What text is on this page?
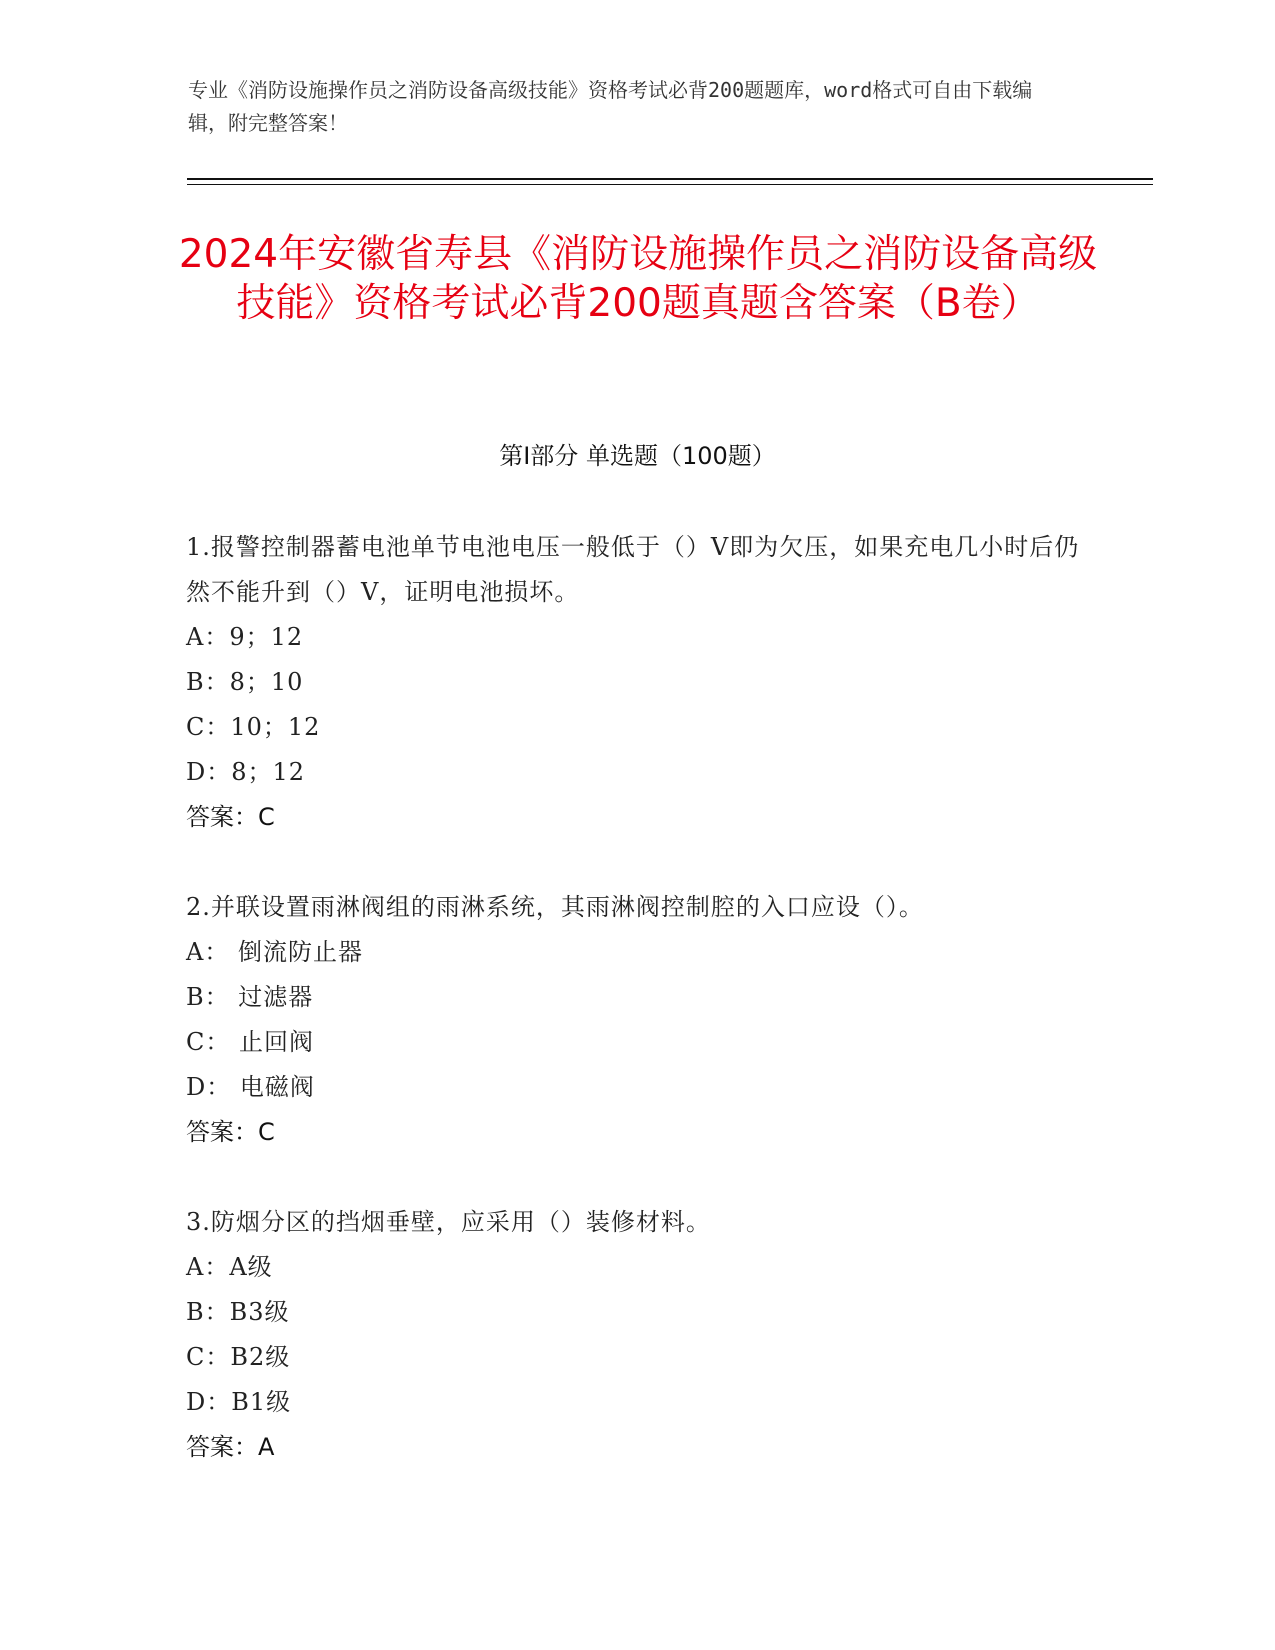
专业《消防设施操作员之消防设备高级技能》资格考试必背200题题库，word格式可自由下载编辑，附完整答案！

2024年安徽省寿县《消防设施操作员之消防设备高级技能》资格考试必背200题真题含答案（B卷）
第I部分 单选题（100题）

1.报警控制器蓄电池单节电池电压一般低于（）V即为欠压，如果充电几小时后仍然不能升到（）V，证明电池损坏。

A：9；12

B：8；10

C：10；12

D：8；12

答案：C

2.并联设置雨淋阀组的雨淋系统，其雨淋阀控制腔的入口应设（）。

A： 倒流防止器

B： 过滤器

C： 止回阀

D： 电磁阀

答案：C

3.防烟分区的挡烟垂壁，应采用（）装修材料。

A：A级

B：B3级

C：B2级

D：B1级

答案：A
